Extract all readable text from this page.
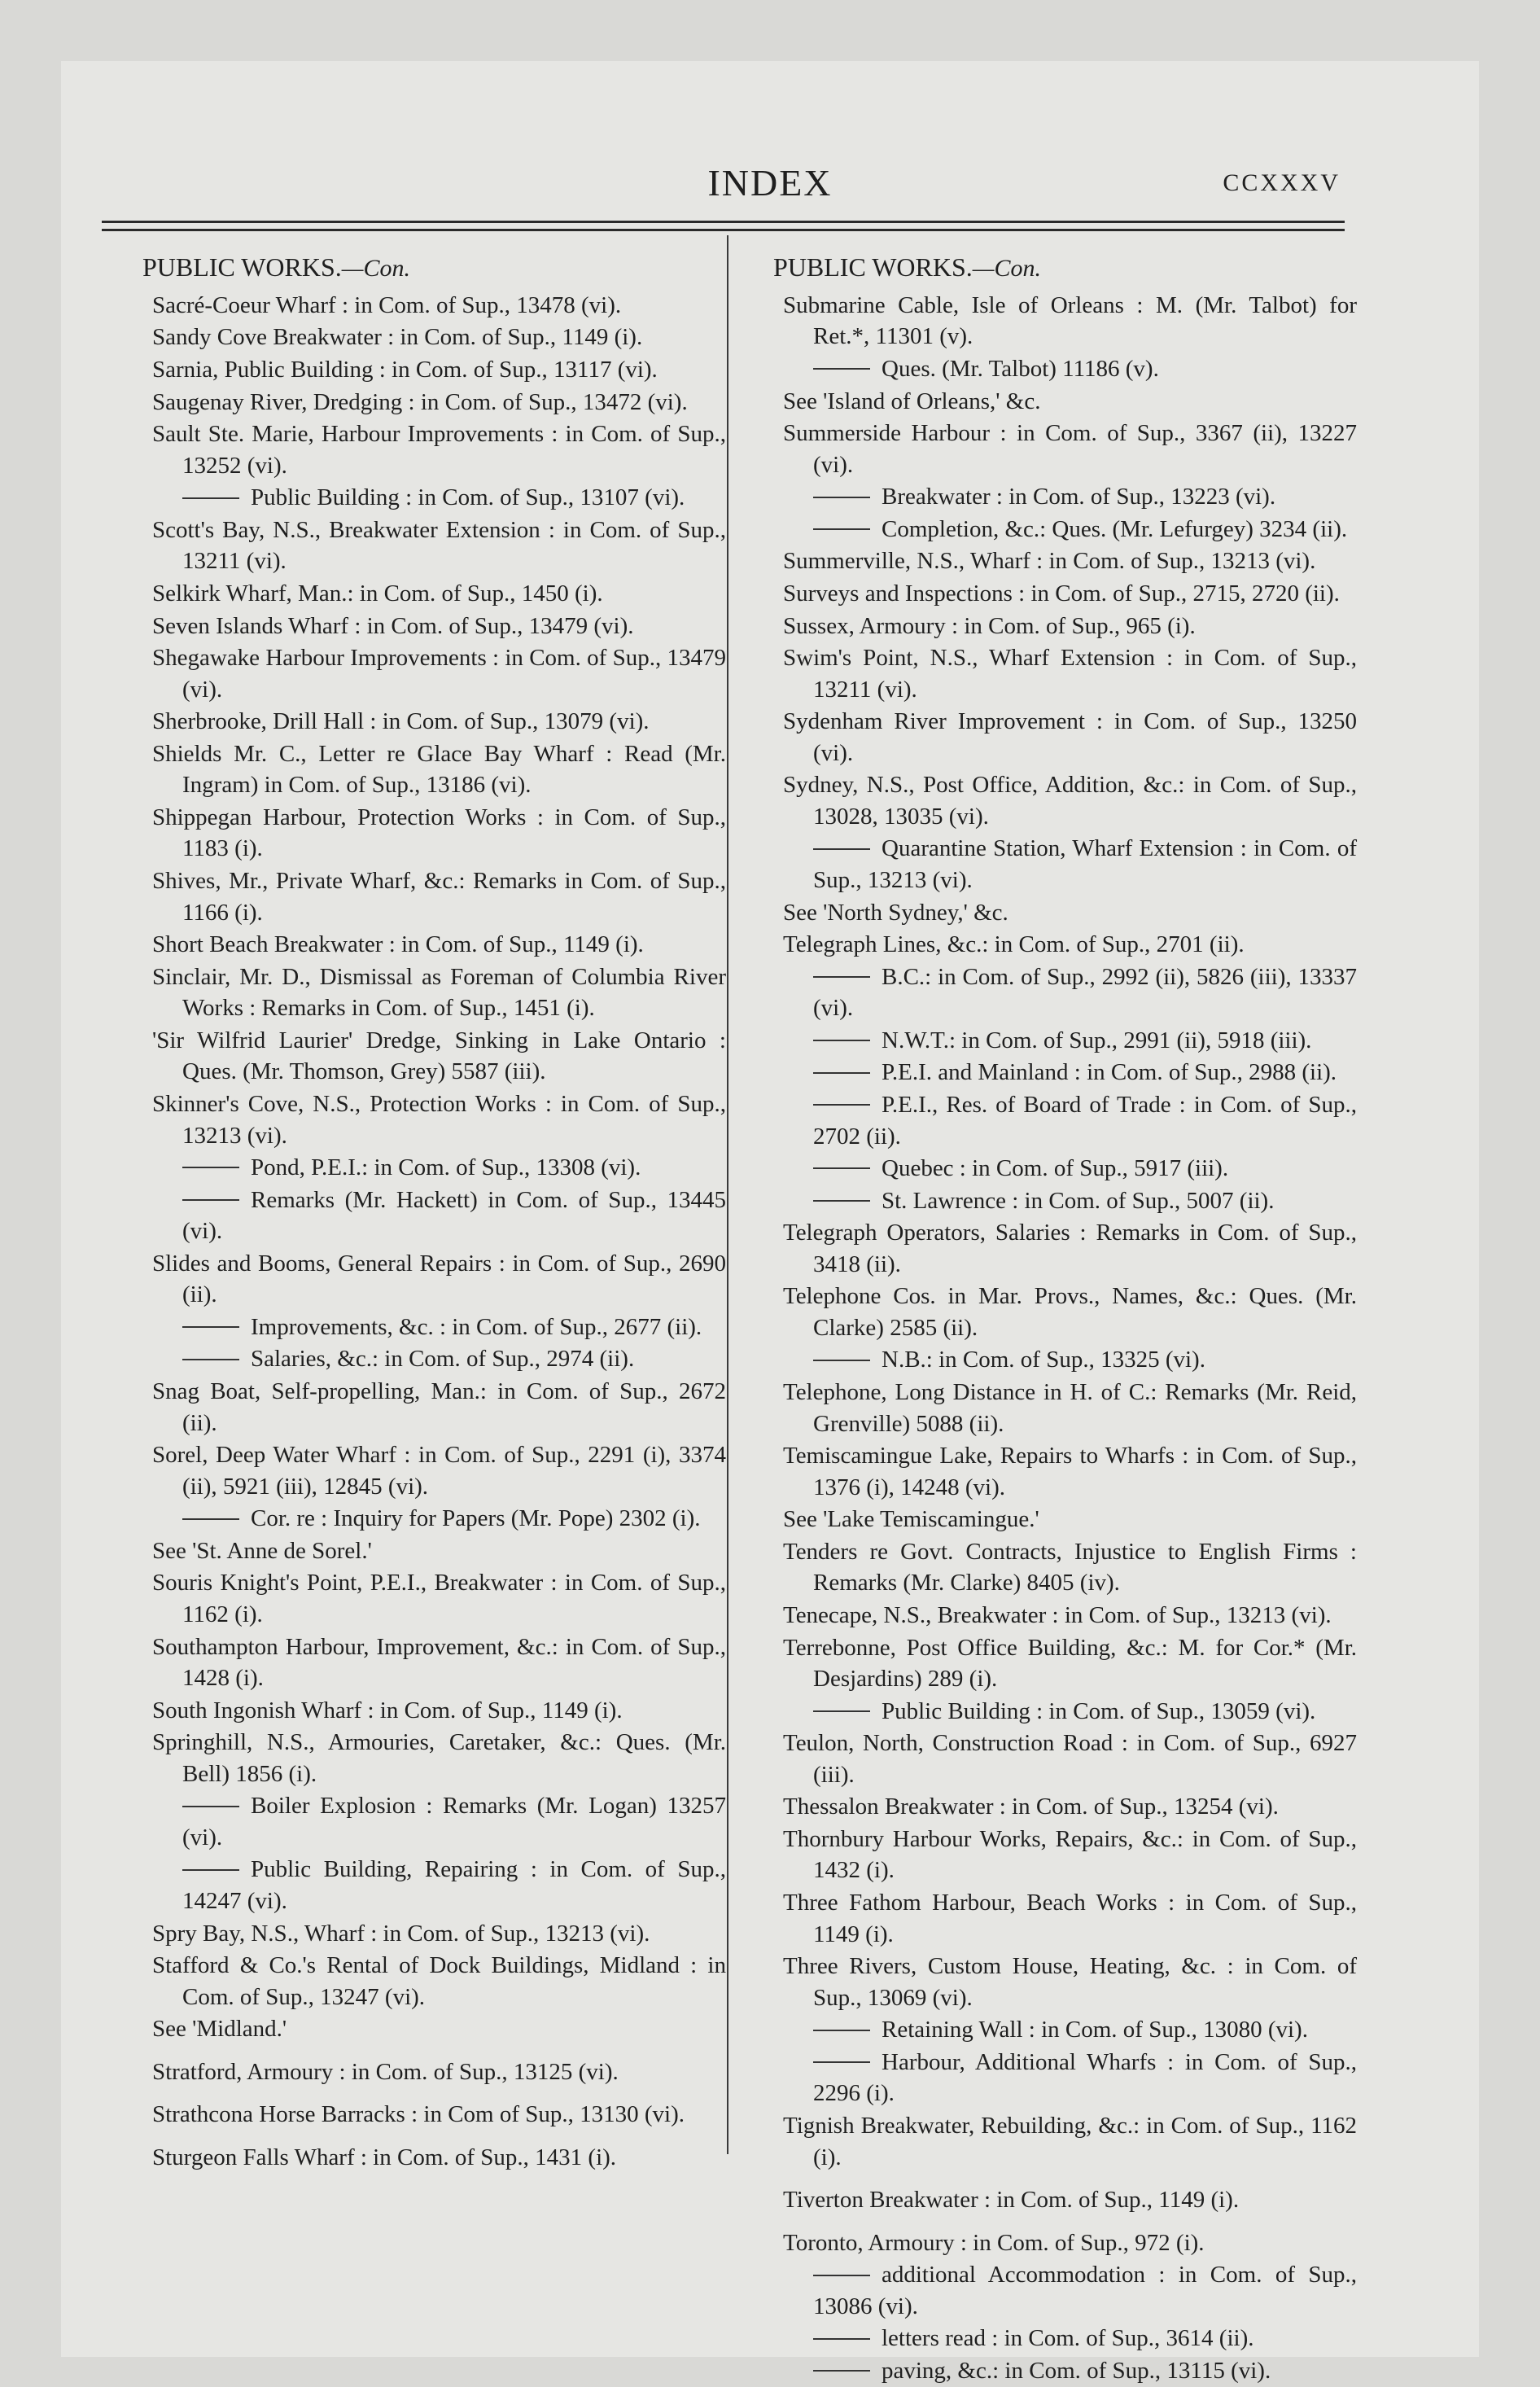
INDEX	CCXXXV
PUBLIC WORKS.—Con.
Sacré-Coeur Wharf : in Com. of Sup., 13478 (vi).
Sandy Cove Breakwater : in Com. of Sup., 1149 (i).
Sarnia, Public Building : in Com. of Sup., 13117 (vi).
Saugenay River, Dredging : in Com. of Sup., 13472 (vi).
Sault Ste. Marie, Harbour Improvements : in Com. of Sup., 13252 (vi).
Public Building : in Com. of Sup., 13107 (vi).
Scott's Bay, N.S., Breakwater Extension : in Com. of Sup., 13211 (vi).
Selkirk Wharf, Man.: in Com. of Sup., 1450 (i).
Seven Islands Wharf : in Com. of Sup., 13479 (vi).
Shegawake Harbour Improvements : in Com. of Sup., 13479 (vi).
Sherbrooke, Drill Hall : in Com. of Sup., 13079 (vi).
Shields Mr. C., Letter re Glace Bay Wharf : Read (Mr. Ingram) in Com. of Sup., 13186 (vi).
Shippegan Harbour, Protection Works : in Com. of Sup., 1183 (i).
Shives, Mr., Private Wharf, &c.: Remarks in Com. of Sup., 1166 (i).
Short Beach Breakwater : in Com. of Sup., 1149 (i).
Sinclair, Mr. D., Dismissal as Foreman of Columbia River Works : Remarks in Com. of Sup., 1451 (i).
'Sir Wilfrid Laurier' Dredge, Sinking in Lake Ontario : Ques. (Mr. Thomson, Grey) 5587 (iii).
Skinner's Cove, N.S., Protection Works : in Com. of Sup., 13213 (vi).
Pond, P.E.I.: in Com. of Sup., 13308 (vi).
Remarks (Mr. Hackett) in Com. of Sup., 13445 (vi).
Slides and Booms, General Repairs : in Com. of Sup., 2690 (ii).
Improvements, &c. : in Com. of Sup., 2677 (ii).
Salaries, &c.: in Com. of Sup., 2974 (ii).
Snag Boat, Self-propelling, Man.: in Com. of Sup., 2672 (ii).
Sorel, Deep Water Wharf : in Com. of Sup., 2291 (i), 3374 (ii), 5921 (iii), 12845 (vi).
Cor. re : Inquiry for Papers (Mr. Pope) 2302 (i).
See 'St. Anne de Sorel.'
Souris Knight's Point, P.E.I., Breakwater : in Com. of Sup., 1162 (i).
Southampton Harbour, Improvement, &c.: in Com. of Sup., 1428 (i).
South Ingonish Wharf : in Com. of Sup., 1149 (i).
Springhill, N.S., Armouries, Caretaker, &c.: Ques. (Mr. Bell) 1856 (i).
Boiler Explosion : Remarks (Mr. Logan) 13257 (vi).
Public Building, Repairing : in Com. of Sup., 14247 (vi).
Spry Bay, N.S., Wharf : in Com. of Sup., 13213 (vi).
Stafford & Co.'s Rental of Dock Buildings, Midland : in Com. of Sup., 13247 (vi).
See 'Midland.'
Stratford, Armoury : in Com. of Sup., 13125 (vi).
Strathcona Horse Barracks : in Com of Sup., 13130 (vi).
Sturgeon Falls Wharf : in Com. of Sup., 1431 (i).
PUBLIC WORKS.—Con.
Submarine Cable, Isle of Orleans : M. (Mr. Talbot) for Ret.*, 11301 (v).
Ques. (Mr. Talbot) 11186 (v).
See 'Island of Orleans,' &c.
Summerside Harbour : in Com. of Sup., 3367 (ii), 13227 (vi).
Breakwater : in Com. of Sup., 13223 (vi).
Completion, &c.: Ques. (Mr. Lefurgey) 3234 (ii).
Summerville, N.S., Wharf : in Com. of Sup., 13213 (vi).
Surveys and Inspections : in Com. of Sup., 2715, 2720 (ii).
Sussex, Armoury : in Com. of Sup., 965 (i).
Swim's Point, N.S., Wharf Extension : in Com. of Sup., 13211 (vi).
Sydenham River Improvement : in Com. of Sup., 13250 (vi).
Sydney, N.S., Post Office, Addition, &c.: in Com. of Sup., 13028, 13035 (vi).
Quarantine Station, Wharf Extension : in Com. of Sup., 13213 (vi).
See 'North Sydney,' &c.
Telegraph Lines, &c.: in Com. of Sup., 2701 (ii).
B.C.: in Com. of Sup., 2992 (ii), 5826 (iii), 13337 (vi).
N.W.T.: in Com. of Sup., 2991 (ii), 5918 (iii).
P.E.I. and Mainland : in Com. of Sup., 2988 (ii).
P.E.I., Res. of Board of Trade : in Com. of Sup., 2702 (ii).
Quebec : in Com. of Sup., 5917 (iii).
St. Lawrence : in Com. of Sup., 5007 (ii).
Telegraph Operators, Salaries : Remarks in Com. of Sup., 3418 (ii).
Telephone Cos. in Mar. Provs., Names, &c.: Ques. (Mr. Clarke) 2585 (ii).
N.B.: in Com. of Sup., 13325 (vi).
Telephone, Long Distance in H. of C.: Remarks (Mr. Reid, Grenville) 5088 (ii).
Temiscamingue Lake, Repairs to Wharfs : in Com. of Sup., 1376 (i), 14248 (vi).
See 'Lake Temiscamingue.'
Tenders re Govt. Contracts, Injustice to English Firms : Remarks (Mr. Clarke) 8405 (iv).
Tenecape, N.S., Breakwater : in Com. of Sup., 13213 (vi).
Terrebonne, Post Office Building, &c.: M. for Cor.* (Mr. Desjardins) 289 (i).
Public Building : in Com. of Sup., 13059 (vi).
Teulon, North, Construction Road : in Com. of Sup., 6927 (iii).
Thessalon Breakwater : in Com. of Sup., 13254 (vi).
Thornbury Harbour Works, Repairs, &c.: in Com. of Sup., 1432 (i).
Three Fathom Harbour, Beach Works : in Com. of Sup., 1149 (i).
Three Rivers, Custom House, Heating, &c. : in Com. of Sup., 13069 (vi).
Retaining Wall : in Com. of Sup., 13080 (vi).
Harbour, Additional Wharfs : in Com. of Sup., 2296 (i).
Tignish Breakwater, Rebuilding, &c.: in Com. of Sup., 1162 (i).
Tiverton Breakwater : in Com. of Sup., 1149 (i).
Toronto, Armoury : in Com. of Sup., 972 (i).
additional Accommodation : in Com. of Sup., 13086 (vi).
letters read : in Com. of Sup., 3614 (ii).
paving, &c.: in Com. of Sup., 13115 (vi).
